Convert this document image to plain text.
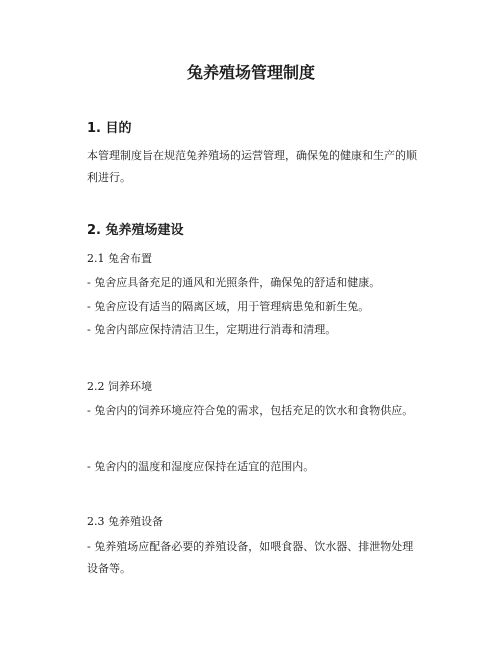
兔养殖场管理制度
1. 目的

本管理制度旨在规范兔养殖场的运营管理，确保兔的健康和生产的顺利进行。

2. 兔养殖场建设

2.1 兔舍布置

- 兔舍应具备充足的通风和光照条件，确保兔的舒适和健康。

- 兔舍应设有适当的隔离区域，用于管理病患兔和新生兔。

- 兔舍内部应保持清洁卫生，定期进行消毒和清理。

2.2 饲养环境

- 兔舍内的饲养环境应符合兔的需求，包括充足的饮水和食物供应。

- 兔舍内的温度和湿度应保持在适宜的范围内。

2.3 兔养殖设备

- 兔养殖场应配备必要的养殖设备，如喂食器、饮水器、排泄物处理设备等。
